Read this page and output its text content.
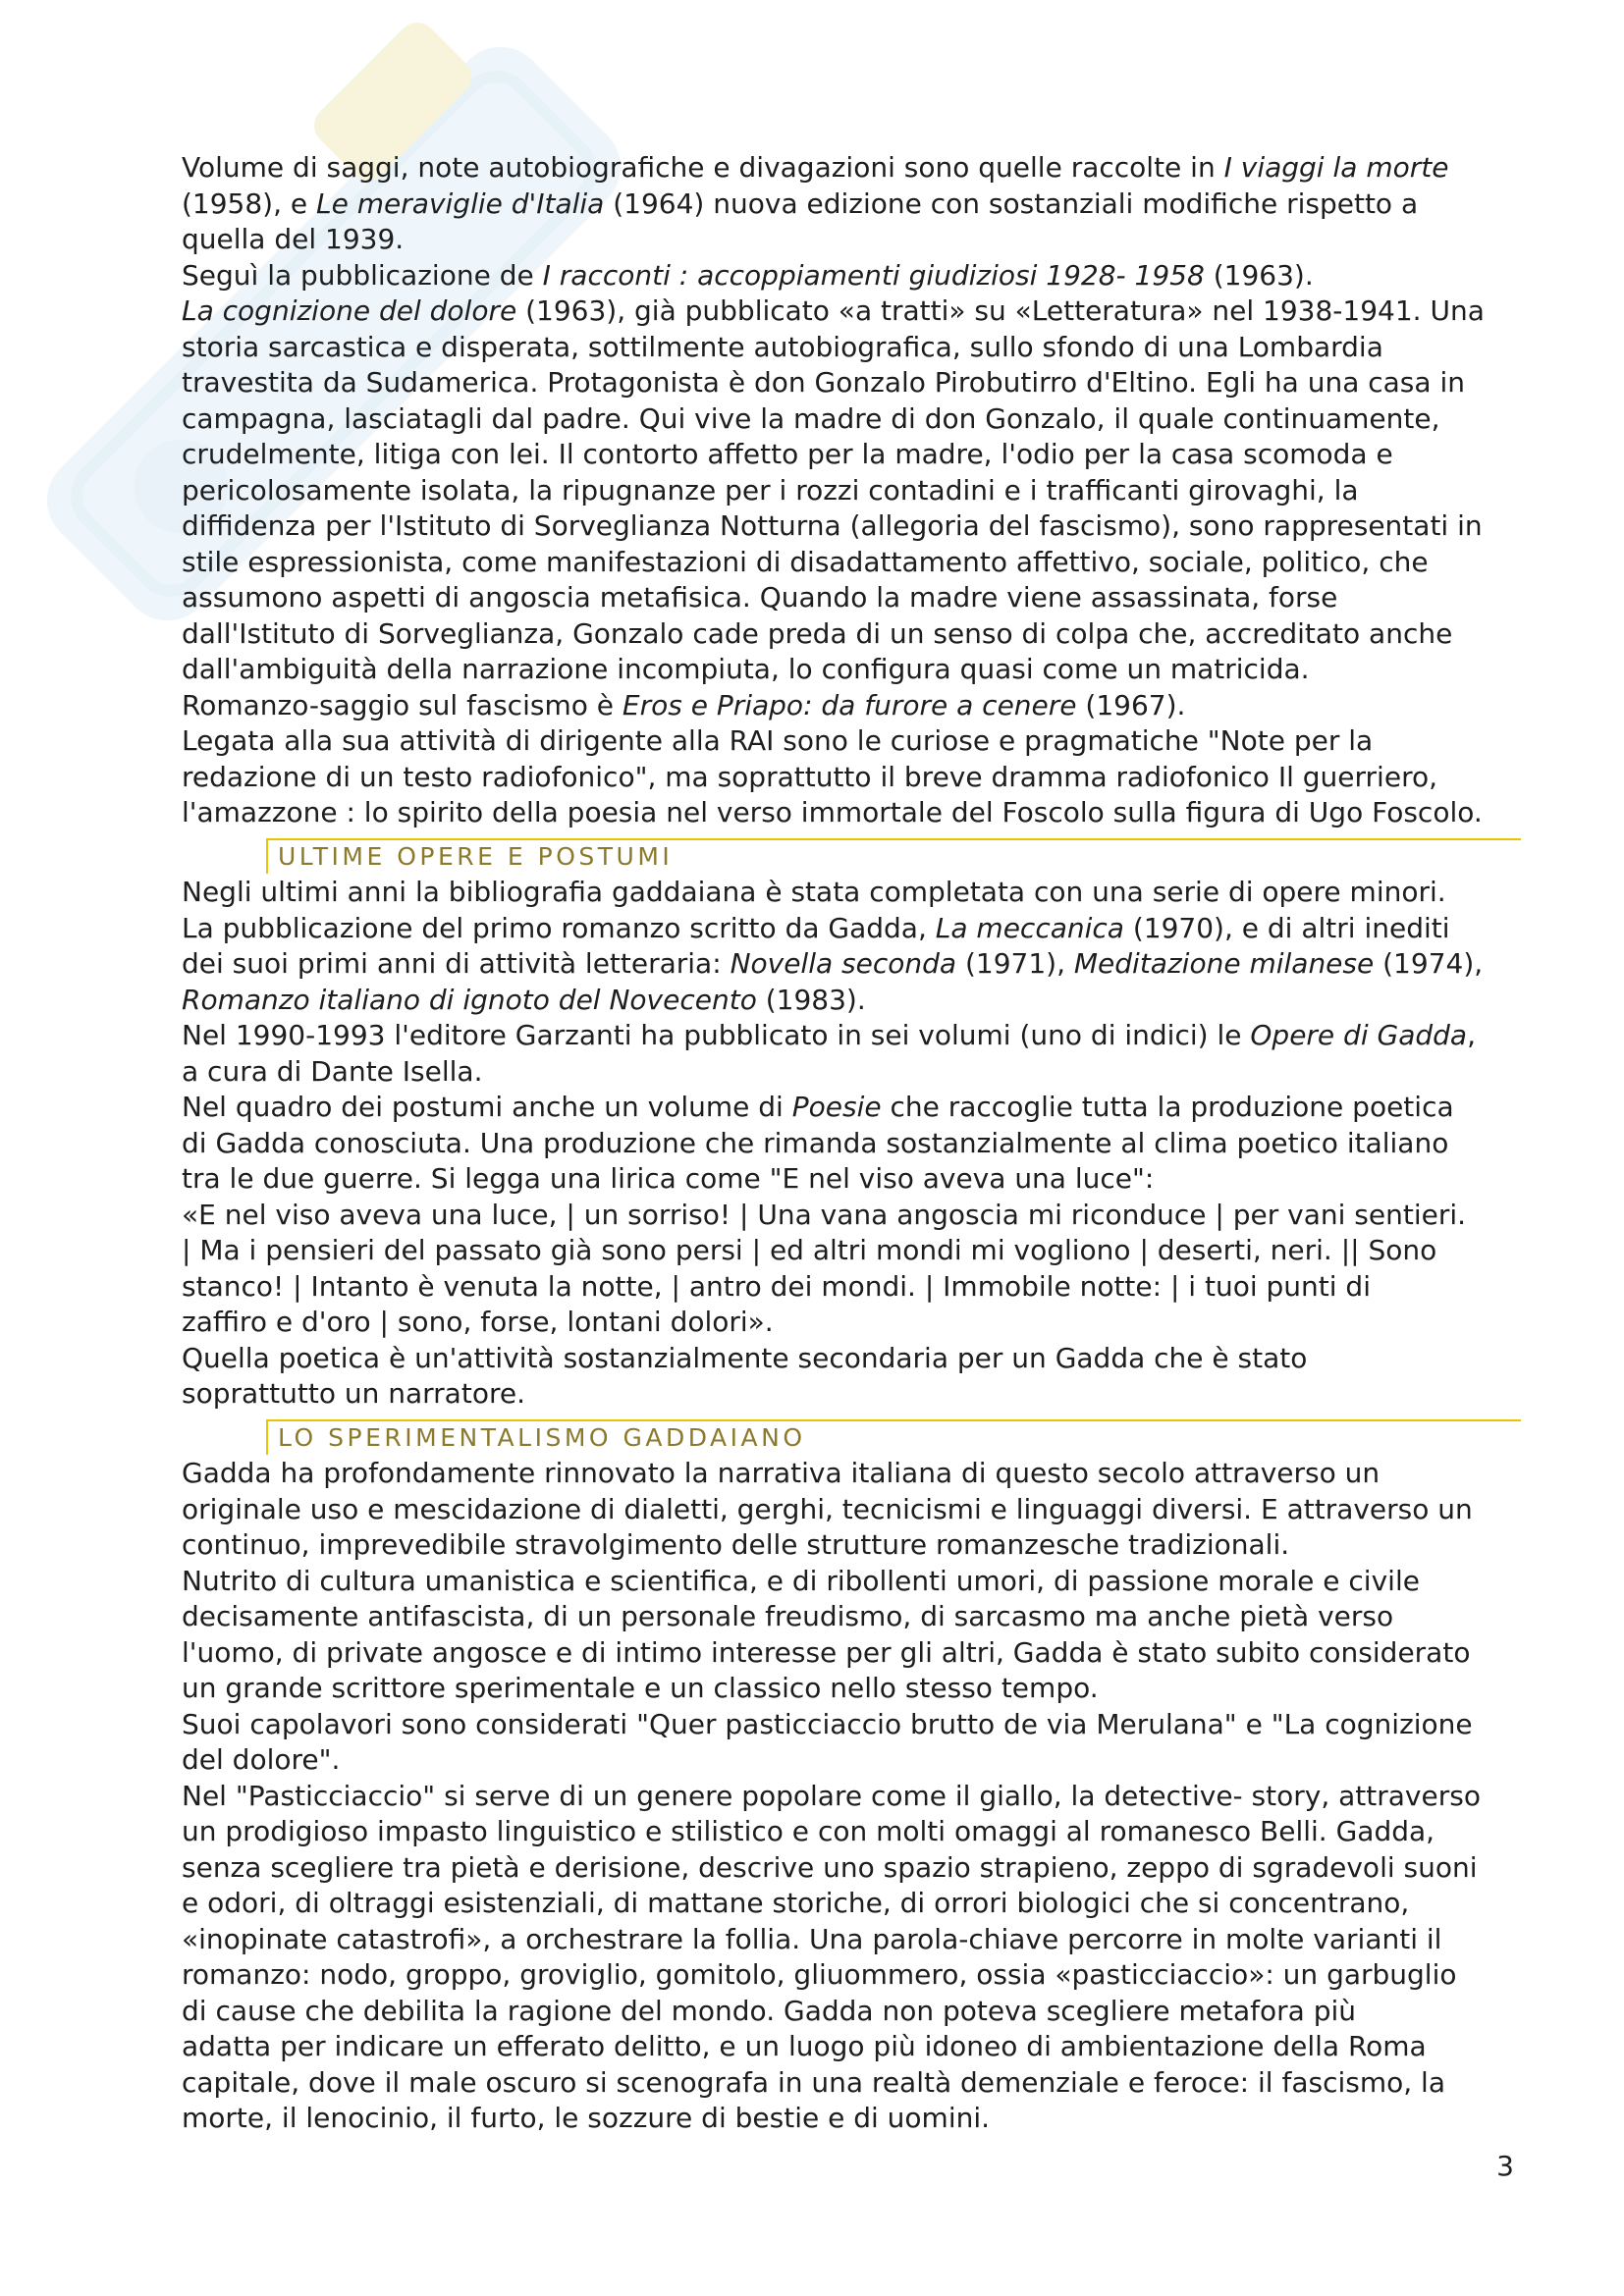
Volume di saggi, note autobiografiche e divagazioni sono quelle raccolte in I viaggi la morte
(1958), e Le meraviglie d'Italia (1964) nuova edizione con sostanziali modifiche rispetto a
quella del 1939.
Seguì la pubblicazione de I racconti : accoppiamenti giudiziosi 1928- 1958 (1963).
La cognizione del dolore (1963), già pubblicato «a tratti» su «Letteratura» nel 1938-1941. Una
storia sarcastica e disperata, sottilmente autobiografica, sullo sfondo di una Lombardia
travestita da Sudamerica. Protagonista è don Gonzalo Pirobutirro d'Eltino. Egli ha una casa in
campagna, lasciatagli dal padre. Qui vive la madre di don Gonzalo, il quale continuamente,
crudelmente, litiga con lei. Il contorto affetto per la madre, l'odio per la casa scomoda e
pericolosamente isolata, la ripugnanze per i rozzi contadini e i trafficanti girovaghi, la
diffidenza per l'Istituto di Sorveglianza Notturna (allegoria del fascismo), sono rappresentati in
stile espressionista, come manifestazioni di disadattamento affettivo, sociale, politico, che
assumono aspetti di angoscia metafisica. Quando la madre viene assassinata, forse
dall'Istituto di Sorveglianza, Gonzalo cade preda di un senso di colpa che, accreditato anche
dall'ambiguità della narrazione incompiuta, lo configura quasi come un matricida.
Romanzo-saggio sul fascismo è Eros e Priapo: da furore a cenere (1967).
Legata alla sua attività di dirigente alla RAI sono le curiose e pragmatiche "Note per la
redazione di un testo radiofonico", ma soprattutto il breve dramma radiofonico Il guerriero,
l'amazzone : lo spirito della poesia nel verso immortale del Foscolo sulla figura di Ugo Foscolo.
ULTIME OPERE E POSTUMI
Negli ultimi anni la bibliografia gaddaiana è stata completata con una serie di opere minori.
La pubblicazione del primo romanzo scritto da Gadda, La meccanica (1970), e di altri inediti
dei suoi primi anni di attività letteraria: Novella seconda (1971), Meditazione milanese (1974),
Romanzo italiano di ignoto del Novecento (1983).
Nel 1990-1993 l'editore Garzanti ha pubblicato in sei volumi (uno di indici) le Opere di Gadda,
a cura di Dante Isella.
Nel quadro dei postumi anche un volume di Poesie che raccoglie tutta la produzione poetica
di Gadda conosciuta. Una produzione che rimanda sostanzialmente al clima poetico italiano
tra le due guerre. Si legga una lirica come "E nel viso aveva una luce":
«E nel viso aveva una luce, | un sorriso! | Una vana angoscia mi riconduce | per vani sentieri.
| Ma i pensieri del passato già sono persi | ed altri mondi mi vogliono | deserti, neri. || Sono
stanco! | Intanto è venuta la notte, | antro dei mondi. | Immobile notte: | i tuoi punti di
zaffiro e d'oro | sono, forse, lontani dolori».
Quella poetica è un'attività sostanzialmente secondaria per un Gadda che è stato
soprattutto un narratore.
LO SPERIMENTALISMO GADDAIANO
Gadda ha profondamente rinnovato la narrativa italiana di questo secolo attraverso un
originale uso e mescidazione di dialetti, gerghi, tecnicismi e linguaggi diversi. E attraverso un
continuo, imprevedibile stravolgimento delle strutture romanzesche tradizionali.
Nutrito di cultura umanistica e scientifica, e di ribollenti umori, di passione morale e civile
decisamente antifascista, di un personale freudismo, di sarcasmo ma anche pietà verso
l'uomo, di private angosce e di intimo interesse per gli altri, Gadda è stato subito considerato
un grande scrittore sperimentale e un classico nello stesso tempo.
Suoi capolavori sono considerati "Quer pasticciaccio brutto de via Merulana" e "La cognizione
del dolore".
Nel "Pasticciaccio" si serve di un genere popolare come il giallo, la detective- story, attraverso
un prodigioso impasto linguistico e stilistico e con molti omaggi al romanesco Belli. Gadda,
senza scegliere tra pietà e derisione, descrive uno spazio strapieno, zeppo di sgradevoli suoni
e odori, di oltraggi esistenziali, di mattane storiche, di orrori biologici che si concentrano,
«inopinate catastrofi», a orchestrare la follia. Una parola-chiave percorre in molte varianti il
romanzo: nodo, groppo, groviglio, gomitolo, gliuommero, ossia «pasticciaccio»: un garbuglio
di cause che debilita la ragione del mondo. Gadda non poteva scegliere metafora più
adatta per indicare un efferato delitto, e un luogo più idoneo di ambientazione della Roma
capitale, dove il male oscuro si scenografa in una realtà demenziale e feroce: il fascismo, la
morte, il lenocinio, il furto, le sozzure di bestie e di uomini.
3
